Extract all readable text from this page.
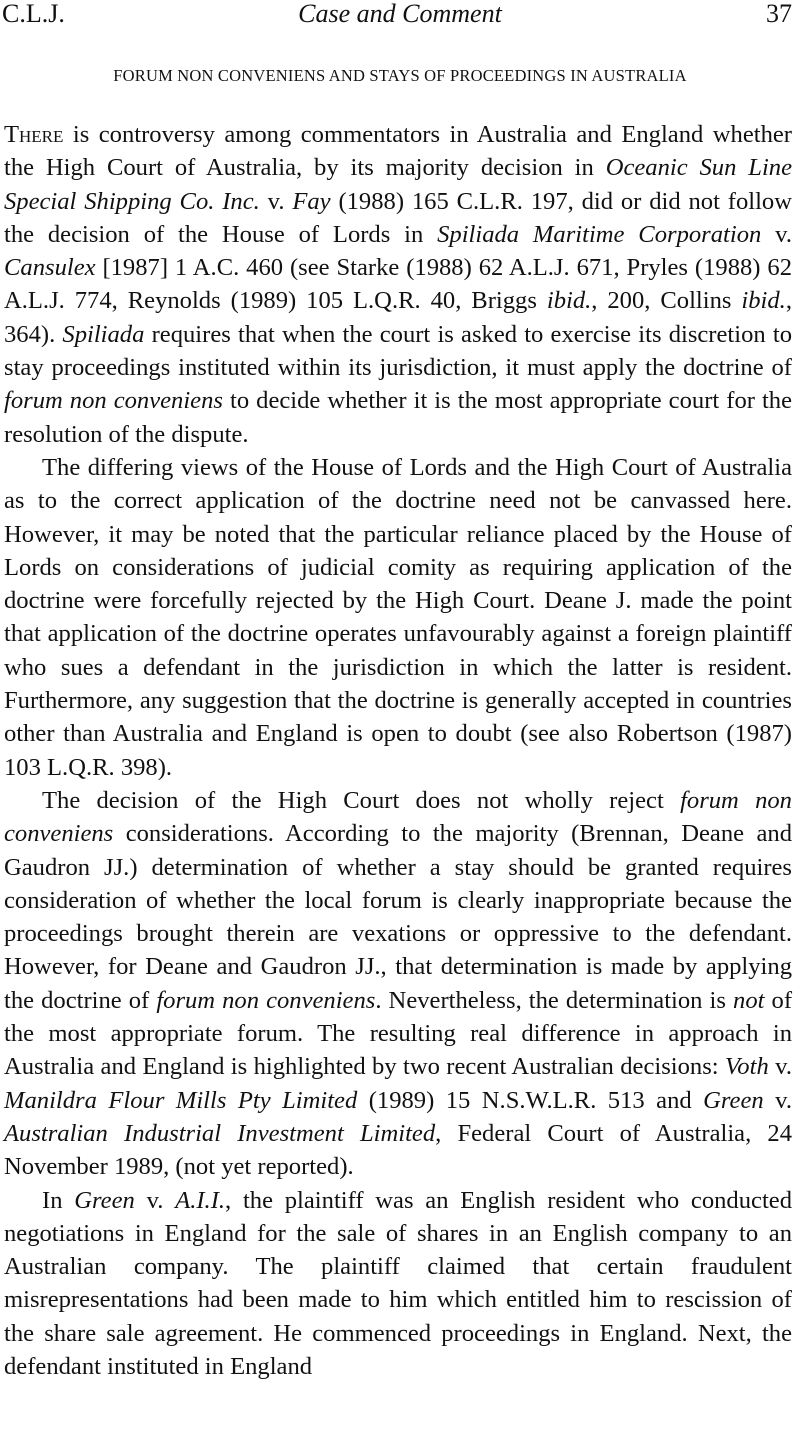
C.L.J.	Case and Comment	37
FORUM NON CONVENIENS AND STAYS OF PROCEEDINGS IN AUSTRALIA

There is controversy among commentators in Australia and England whether the High Court of Australia, by its majority decision in Oceanic Sun Line Special Shipping Co. Inc. v. Fay (1988) 165 C.L.R. 197, did or did not follow the decision of the House of Lords in Spiliada Maritime Corporation v. Cansulex [1987] 1 A.C. 460 (see Starke (1988) 62 A.L.J. 671, Pryles (1988) 62 A.L.J. 774, Reynolds (1989) 105 L.Q.R. 40, Briggs ibid., 200, Collins ibid., 364). Spiliada requires that when the court is asked to exercise its discretion to stay proceedings instituted within its jurisdiction, it must apply the doctrine of forum non conveniens to decide whether it is the most appropriate court for the resolution of the dispute.

The differing views of the House of Lords and the High Court of Australia as to the correct application of the doctrine need not be canvassed here. However, it may be noted that the particular reliance placed by the House of Lords on considerations of judicial comity as requiring application of the doctrine were forcefully rejected by the High Court. Deane J. made the point that application of the doctrine operates unfavourably against a foreign plaintiff who sues a defendant in the jurisdiction in which the latter is resident. Furthermore, any suggestion that the doctrine is generally accepted in countries other than Australia and England is open to doubt (see also Robertson (1987) 103 L.Q.R. 398).

The decision of the High Court does not wholly reject forum non conveniens considerations. According to the majority (Brennan, Deane and Gaudron JJ.) determination of whether a stay should be granted requires consideration of whether the local forum is clearly inappropriate because the proceedings brought therein are vexations or oppressive to the defendant. However, for Deane and Gaudron JJ., that determination is made by applying the doctrine of forum non conveniens. Nevertheless, the determination is not of the most appropriate forum. The resulting real difference in approach in Australia and England is highlighted by two recent Australian decisions: Voth v. Manildra Flour Mills Pty Limited (1989) 15 N.S.W.L.R. 513 and Green v. Australian Industrial Investment Limited, Federal Court of Australia, 24 November 1989, (not yet reported).

In Green v. A.I.I., the plaintiff was an English resident who conducted negotiations in England for the sale of shares in an English company to an Australian company. The plaintiff claimed that certain fraudulent misrepresentations had been made to him which entitled him to rescission of the share sale agreement. He commenced proceedings in England. Next, the defendant instituted in England
